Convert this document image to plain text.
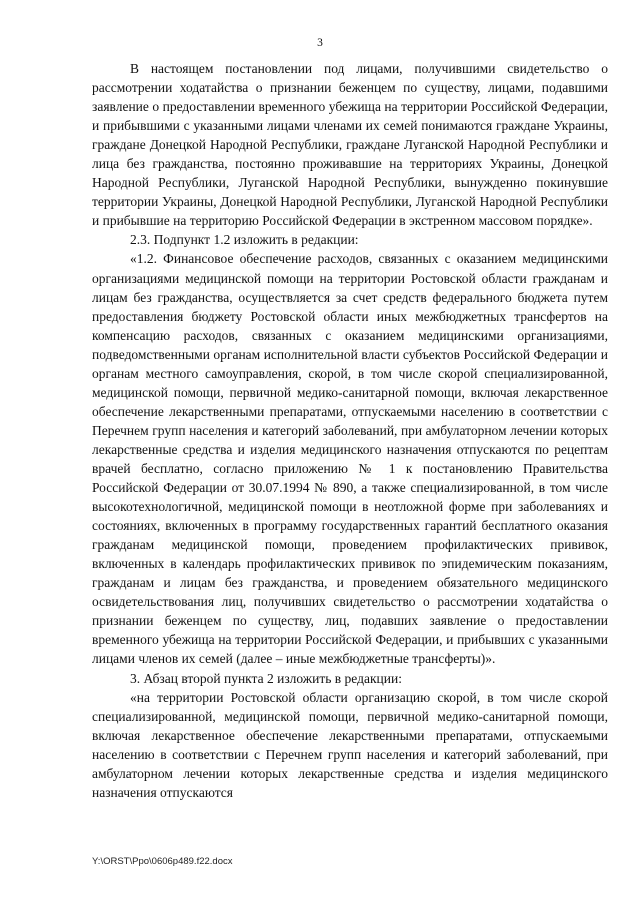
3

В настоящем постановлении под лицами, получившими свидетельство о рассмотрении ходатайства о признании беженцем по существу, лицами, подавшими заявление о предоставлении временного убежища на территории Российской Федерации, и прибывшими с указанными лицами членами их семей понимаются граждане Украины, граждане Донецкой Народной Республики, граждане Луганской Народной Республики и лица без гражданства, постоянно проживавшие на территориях Украины, Донецкой Народной Республики, Луганской Народной Республики, вынужденно покинувшие территории Украины, Донецкой Народной Республики, Луганской Народной Республики и прибывшие на территорию Российской Федерации в экстренном массовом порядке».

2.3. Подпункт 1.2 изложить в редакции:

«1.2. Финансовое обеспечение расходов, связанных с оказанием медицинскими организациями медицинской помощи на территории Ростовской области гражданам и лицам без гражданства, осуществляется за счет средств федерального бюджета путем предоставления бюджету Ростовской области иных межбюджетных трансфертов на компенсацию расходов, связанных с оказанием медицинскими организациями, подведомственными органам исполнительной власти субъектов Российской Федерации и органам местного самоуправления, скорой, в том числе скорой специализированной, медицинской помощи, первичной медико-санитарной помощи, включая лекарственное обеспечение лекарственными препаратами, отпускаемыми населению в соответствии с Перечнем групп населения и категорий заболеваний, при амбулаторном лечении которых лекарственные средства и изделия медицинского назначения отпускаются по рецептам врачей бесплатно, согласно приложению № 1 к постановлению Правительства Российской Федерации от 30.07.1994 № 890, а также специализированной, в том числе высокотехнологичной, медицинской помощи в неотложной форме при заболеваниях и состояниях, включенных в программу государственных гарантий бесплатного оказания гражданам медицинской помощи, проведением профилактических прививок, включенных в календарь профилактических прививок по эпидемическим показаниям, гражданам и лицам без гражданства, и проведением обязательного медицинского освидетельствования лиц, получивших свидетельство о рассмотрении ходатайства о признании беженцем по существу, лиц, подавших заявление о предоставлении временного убежища на территории Российской Федерации, и прибывших с указанными лицами членов их семей (далее – иные межбюджетные трансферты)».

3. Абзац второй пункта 2 изложить в редакции:

«на территории Ростовской области организацию скорой, в том числе скорой специализированной, медицинской помощи, первичной медико-санитарной помощи, включая лекарственное обеспечение лекарственными препаратами, отпускаемыми населению в соответствии с Перечнем групп населения и категорий заболеваний, при амбулаторном лечении которых лекарственные средства и изделия медицинского назначения отпускаются

Y:\ORST\Ppo\0606p489.f22.docx
